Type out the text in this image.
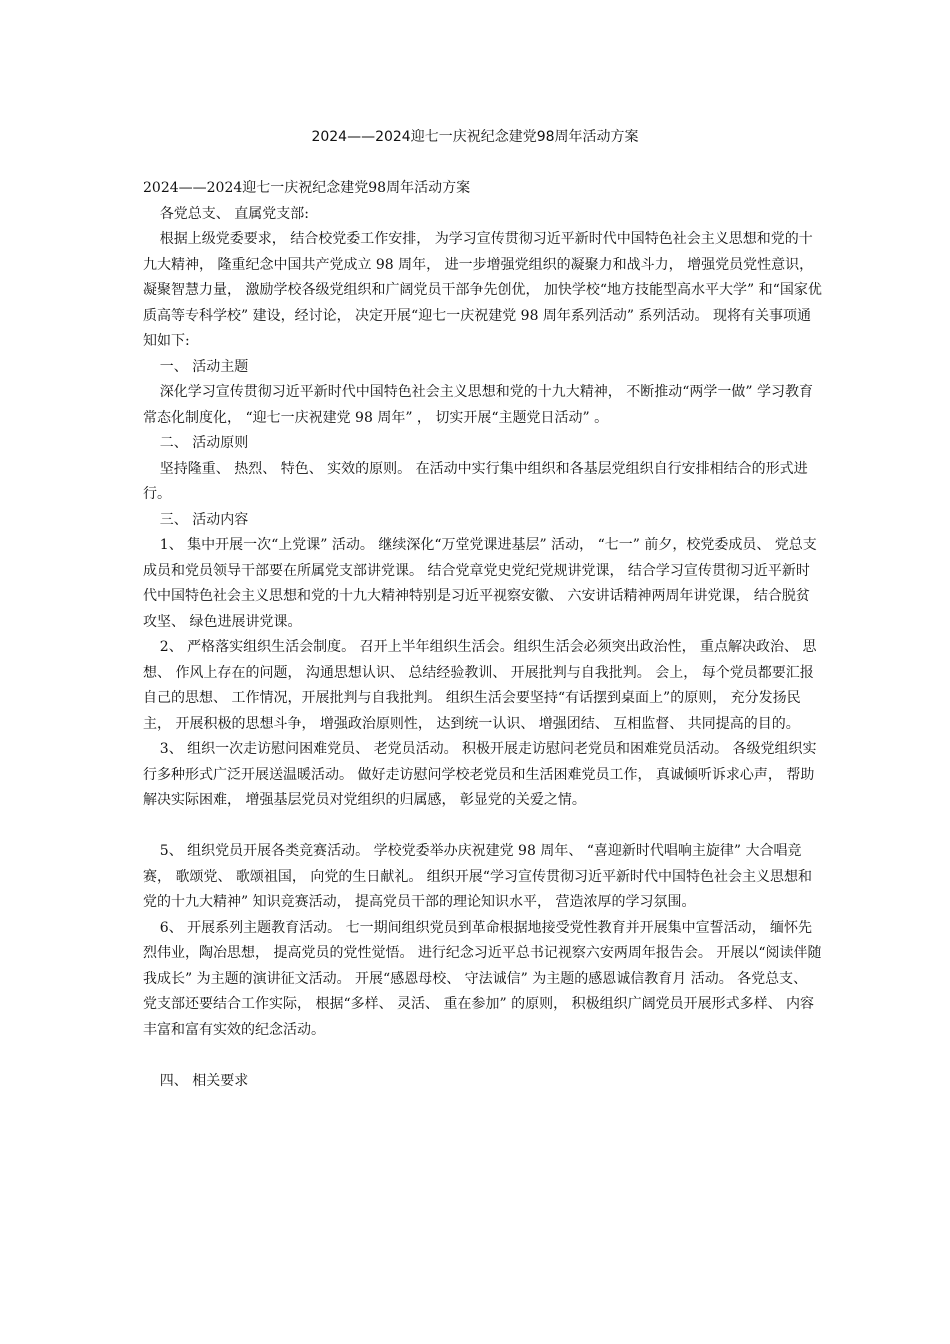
2024——2024迎七一庆祝纪念建党98周年活动方案

2024——2024迎七一庆祝纪念建党98周年活动方案

各党总支、 直属党支部:

根据上级党委要求， 结合校党委工作安排， 为学习宣传贯彻习近平新时代中国特色社会主义思想和党的十九大精神， 隆重纪念中国共产党成立 98 周年， 进一步增强党组织的凝聚力和战斗力， 增强党员党性意识， 凝聚智慧力量， 激励学校各级党组织和广阔党员干部争先创优， 加快学校“地方技能型高水平大学” 和“国家优质高等专科学校” 建设，经讨论， 决定开展“迎七一庆祝建党 98 周年系列活动” 系列活动。 现将有关事项通知如下:

一、 活动主题

深化学习宣传贯彻习近平新时代中国特色社会主义思想和党的十九大精神， 不断推动“两学一做” 学习教育常态化制度化， “迎七一庆祝建党 98 周年” ， 切实开展“主题党日活动” 。

二、 活动原则

坚持隆重、 热烈、 特色、 实效的原则。 在活动中实行集中组织和各基层党组织自行安排相结合的形式进行。

三、 活动内容

1、 集中开展一次“上党课” 活动。 继续深化“万堂党课进基层” 活动， “七一” 前夕，校党委成员、 党总支成员和党员领导干部要在所属党支部讲党课。 结合党章党史党纪党规讲党课， 结合学习宣传贯彻习近平新时代中国特色社会主义思想和党的十九大精神特别是习近平视察安徽、 六安讲话精神两周年讲党课， 结合脱贫攻坚、 绿色进展讲党课。

2、 严格落实组织生活会制度。 召开上半年组织生活会。组织生活会必须突出政治性， 重点解决政治、 思想、 作风上存在的问题， 沟通思想认识、 总结经验教训、 开展批判与自我批判。 会上， 每个党员都要汇报自己的思想、 工作情况，开展批判与自我批判。 组织生活会要坚持“有话摆到桌面上”的原则， 充分发扬民主， 开展积极的思想斗争， 增强政治原则性， 达到统一认识、 增强团结、 互相监督、 共同提高的目的。

3、 组织一次走访慰问困难党员、 老党员活动。 积极开展走访慰问老党员和困难党员活动。 各级党组织实行多种形式广泛开展送温暖活动。 做好走访慰问学校老党员和生活困难党员工作， 真诚倾听诉求心声， 帮助解决实际困难， 增强基层党员对党组织的归属感， 彰显党的关爱之情。

5、 组织党员开展各类竞赛活动。 学校党委举办庆祝建党 98 周年、 “喜迎新时代唱响主旋律” 大合唱竞赛， 歌颂党、 歌颂祖国， 向党的生日献礼。 组织开展“学习宣传贯彻习近平新时代中国特色社会主义思想和党的十九大精神” 知识竞赛活动， 提高党员干部的理论知识水平， 营造浓厚的学习氛围。

6、 开展系列主题教育活动。 七一期间组织党员到革命根据地接受党性教育并开展集中宣誓活动， 缅怀先烈伟业，陶冶思想， 提高党员的党性觉悟。 进行纪念习近平总书记视察六安两周年报告会。 开展以“阅读伴随我成长” 为主题的演讲征文活动。 开展“感恩母校、 守法诚信” 为主题的感恩诚信教育月 活动。 各党总支、 党支部还要结合工作实际， 根据“多样、 灵活、 重在参加” 的原则， 积极组织广阔党员开展形式多样、 内容丰富和富有实效的纪念活动。

四、 相关要求
